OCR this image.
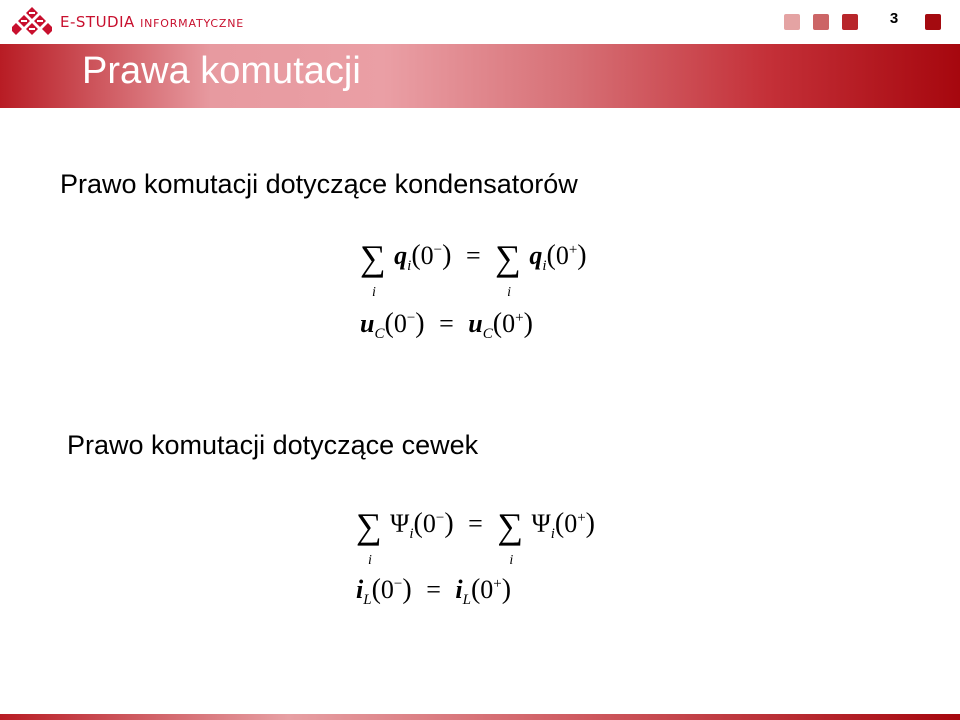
E-STUDIA INFORMATYCZNE	3
Prawa komutacji
Prawo komutacji dotyczące kondensatorów
∑
i
$q_i(0^-)$ = ∑
i
$q_i(0^+)$
$u_C(0^-) = u_C(0^+)$
Prawo komutacji dotyczące cewek
∑
i
$\Psi_i(0^-)$ = ∑
i
$\Psi_i(0^+)$
$i_L(0^-) = i_L(0^+)$
